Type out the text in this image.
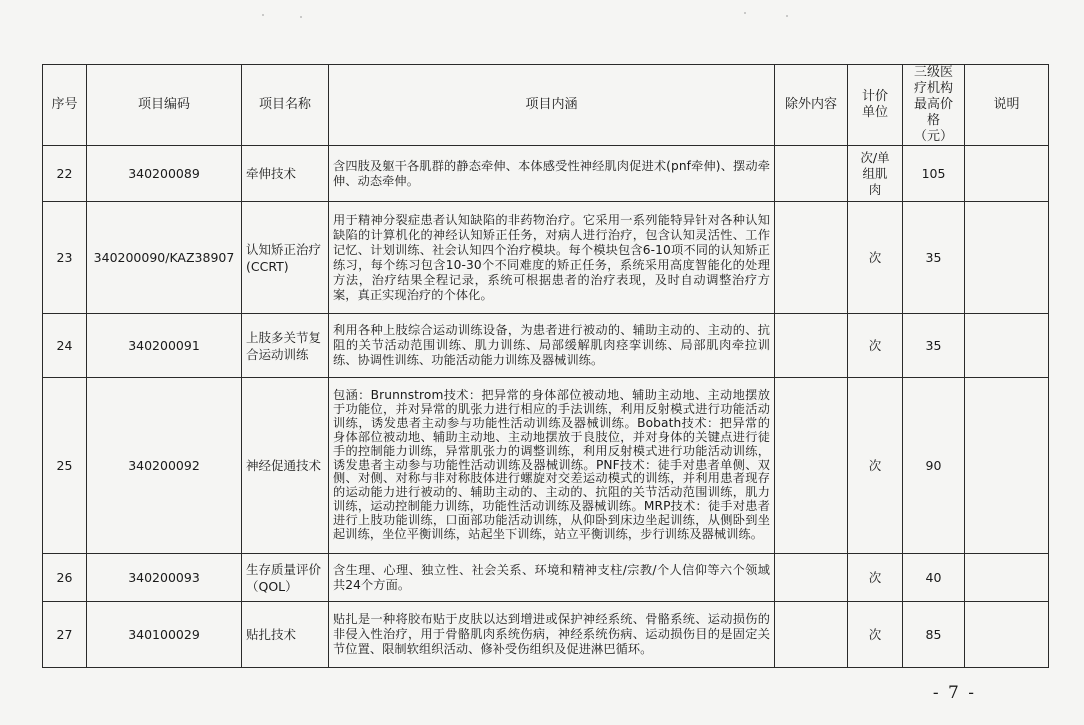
序号	项目编码	项目名称	项目内涵	除外内容	计价单位	三级医疗机构最高价格（元）	说明
22	340200089	牵伸技术	含四肢及躯干各肌群的静态牵伸、本体感受性神经肌肉促进术(pnf牵伸)、摆动牵伸、动态牵伸。		次/单组肌肉	105	
23	340200090/KAZ38907	认知矫正治疗(CCRT)	用于精神分裂症患者认知缺陷的非药物治疗。它采用一系列能特异针对各种认知缺陷的计算机化的神经认知矫正任务，对病人进行治疗，包含认知灵活性、工作记忆、计划训练、社会认知四个治疗模块。每个模块包含6-10项不同的认知矫正练习，每个练习包含10-30个不同难度的矫正任务，系统采用高度智能化的处理方法，治疗结果全程记录，系统可根据患者的治疗表现，及时自动调整治疗方案，真正实现治疗的个体化。		次	35	
24	340200091	上肢多关节复合运动训练	利用各种上肢综合运动训练设备，为患者进行被动的、辅助主动的、主动的、抗阻的关节活动范围训练、肌力训练、局部缓解肌肉痉挛训练、局部肌肉牵拉训练、协调性训练、功能活动能力训练及器械训练。		次	35	
25	340200092	神经促通技术	包涵：Brunnstrom技术：把异常的身体部位被动地、辅助主动地、主动地摆放于功能位，并对异常的肌张力进行相应的手法训练，利用反射模式进行功能活动训练，诱发患者主动参与功能性活动训练及器械训练。Bobath技术：把异常的身体部位被动地、辅助主动地、主动地摆放于良肢位，并对身体的关键点进行徒手的控制能力训练，异常肌张力的调整训练，利用反射模式进行功能活动训练，诱发患者主动参与功能性活动训练及器械训练。PNF技术：徒手对患者单侧、双侧、对侧、对称与非对称肢体进行螺旋对交差运动模式的训练，并利用患者现存的运动能力进行被动的、辅助主动的、主动的、抗阻的关节活动范围训练，肌力训练，运动控制能力训练，功能性活动训练及器械训练。MRP技术：徒手对患者进行上肢功能训练，口面部功能活动训练，从仰卧到床边坐起训练，从侧卧到坐起训练，坐位平衡训练，站起坐下训练，站立平衡训练，步行训练及器械训练。		次	90	
26	340200093	生存质量评价（QOL）	含生理、心理、独立性、社会关系、环境和精神支柱/宗教/个人信仰等六个领域共24个方面。		次	40	
27	340100029	贴扎技术	贴扎是一种将胶布贴于皮肤以达到增进或保护神经系统、骨骼系统、运动损伤的非侵入性治疗，用于骨骼肌肉系统伤病，神经系统伤病、运动损伤目的是固定关节位置、限制软组织活动、修补受伤组织及促进淋巴循环。		次	85	
- 7 -
